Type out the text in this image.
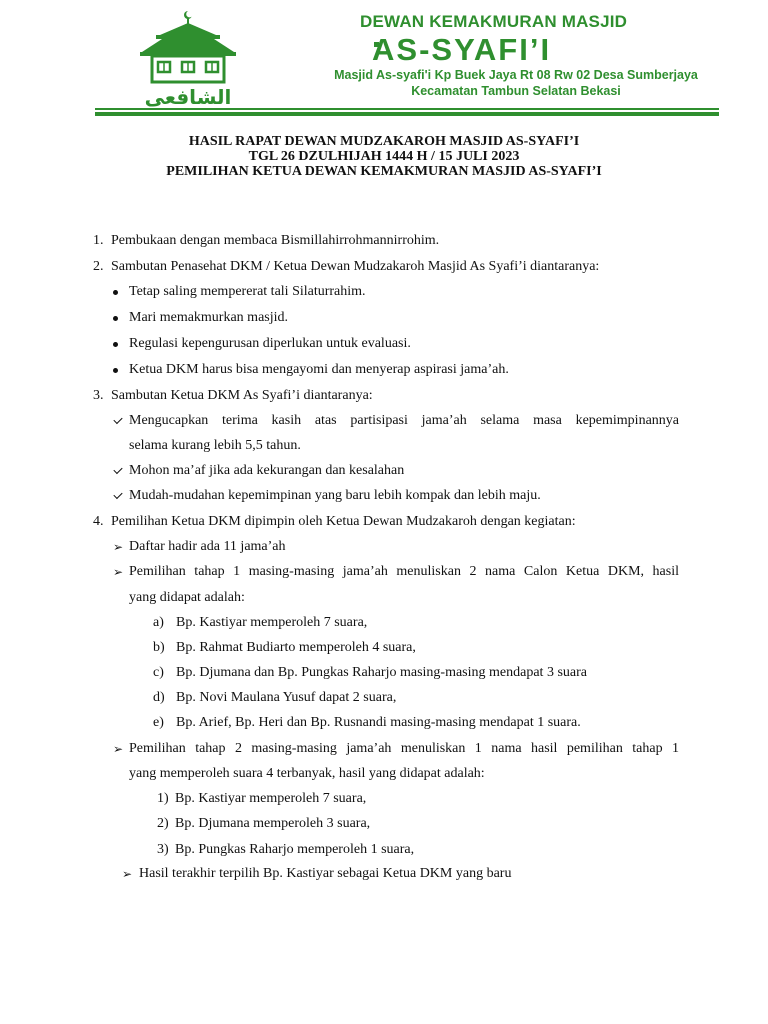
الشافعى
DEWAN KEMAKMURAN MASJID
AS-SYAFI’I
Masjid As-syafi'i Kp Buek Jaya Rt 08 Rw 02 Desa Sumberjaya
Kecamatan Tambun Selatan Bekasi
HASIL RAPAT DEWAN MUDZAKAROH MASJID AS-SYAFI’I
TGL 26 DZULHIJAH 1444 H / 15 JULI 2023
PEMILIHAN KETUA DEWAN KEMAKMURAN MASJID AS-SYAFI’I
1. Pembukaan dengan membaca Bismillahirrohmannirrohim.
2. Sambutan Penasehat DKM / Ketua Dewan Mudzakaroh Masjid As Syafi’i diantaranya:
Tetap saling mempererat tali Silaturrahim.
Mari memakmurkan masjid.
Regulasi kepengurusan diperlukan untuk evaluasi.
Ketua DKM harus bisa mengayomi dan menyerap aspirasi jama’ah.
3. Sambutan Ketua DKM As Syafi’i diantaranya:
Mengucapkan terima kasih atas partisipasi jama’ah selama masa kepemimpinannya
selama kurang lebih 5,5 tahun.
Mohon ma’af jika ada kekurangan dan kesalahan
Mudah-mudahan kepemimpinan yang baru lebih kompak dan lebih maju.
4. Pemilihan Ketua DKM dipimpin oleh Ketua Dewan Mudzakaroh dengan kegiatan:
➢ Daftar hadir ada 11 jama’ah
➢ Pemilihan tahap 1 masing-masing jama’ah menuliskan 2 nama Calon Ketua DKM, hasil
yang didapat adalah:
a) Bp. Kastiyar memperoleh 7 suara,
b) Bp. Rahmat Budiarto memperoleh 4 suara,
c) Bp. Djumana dan Bp. Pungkas Raharjo masing-masing mendapat 3 suara
d) Bp. Novi Maulana Yusuf dapat 2 suara,
e) Bp. Arief, Bp. Heri dan Bp. Rusnandi masing-masing mendapat 1 suara.
➢ Pemilihan tahap 2 masing-masing jama’ah menuliskan 1 nama hasil pemilihan tahap 1
yang memperoleh suara 4 terbanyak, hasil yang didapat adalah:
1) Bp. Kastiyar memperoleh 7 suara,
2) Bp. Djumana memperoleh 3 suara,
3) Bp. Pungkas Raharjo memperoleh 1 suara,
➢ Hasil terakhir terpilih Bp. Kastiyar sebagai Ketua DKM yang baru
